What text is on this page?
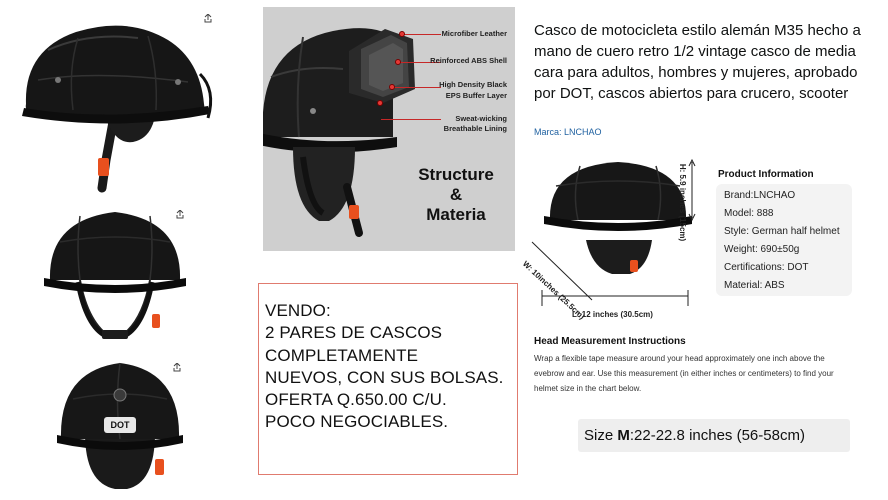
DOT
Microfiber Leather
Reinforced ABS Shell
High Density Black
EPS Buffer Layer
Sweat-wicking
Breathable Lining
Structure
&
Materia
Casco de motocicleta estilo alemán M35 hecho a mano de cuero retro 1/2 vintage casco de media cara para adultos, hombres y mujeres, aprobado por DOT, cascos abiertos para crucero, scooter
Marca: LNCHAO
H: 5.9 inches (15cm)
W: 10inches (25.5cm)
L: 12 inches (30.5cm)
Product Information
Brand:LNCHAO
Model: 888
Style: German half helmet
Weight: 690±50g
Certifications: DOT
Material: ABS
Head Measurement Instructions
Wrap a flexible tape measure around your head approximately one inch above the evebrow and ear. Use this measurement (in either inches or centimeters) to find your helmet size in the chart below.
Size M:22-22.8 inches (56-58cm)
VENDO:
2 PARES DE CASCOS
COMPLETAMENTE
NUEVOS, CON SUS BOLSAS.
OFERTA Q.650.00 C/U.
POCO NEGOCIABLES.
